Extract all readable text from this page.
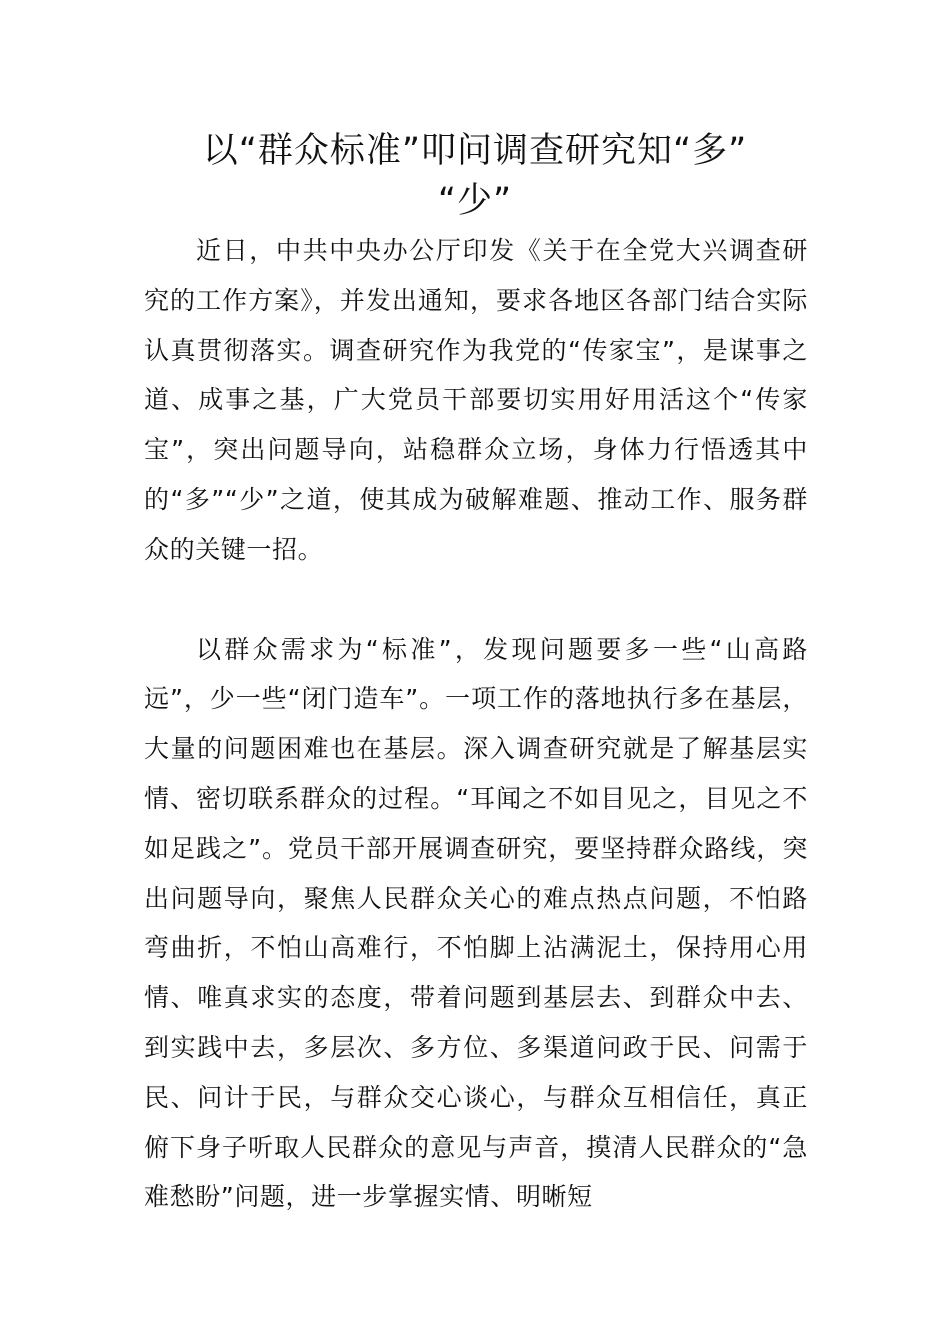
以“群众标准”叩问调查研究知“多”
“少”

近日，中共中央办公厅印发《关于在全党大兴调查研究的工作方案》，并发出通知，要求各地区各部门结合实际认真贯彻落实。调查研究作为我党的“传家宝”，是谋事之道、成事之基，广大党员干部要切实用好用活这个“传家宝”，突出问题导向，站稳群众立场，身体力行悟透其中的“多”“少”之道，使其成为破解难题、推动工作、服务群众的关键一招。

以群众需求为“标准”，发现问题要多一些“山高路远”，少一些“闭门造车”。一项工作的落地执行多在基层，大量的问题困难也在基层。深入调查研究就是了解基层实情、密切联系群众的过程。“耳闻之不如目见之，目见之不如足践之”。党员干部开展调查研究，要坚持群众路线，突出问题导向，聚焦人民群众关心的难点热点问题，不怕路弯曲折，不怕山高难行，不怕脚上沾满泥土，保持用心用情、唯真求实的态度，带着问题到基层去、到群众中去、到实践中去，多层次、多方位、多渠道问政于民、问需于民、问计于民，与群众交心谈心，与群众互相信任，真正俯下身子听取人民群众的意见与声音，摸清人民群众的“急难愁盼”问题，进一步掌握实情、明晰短
